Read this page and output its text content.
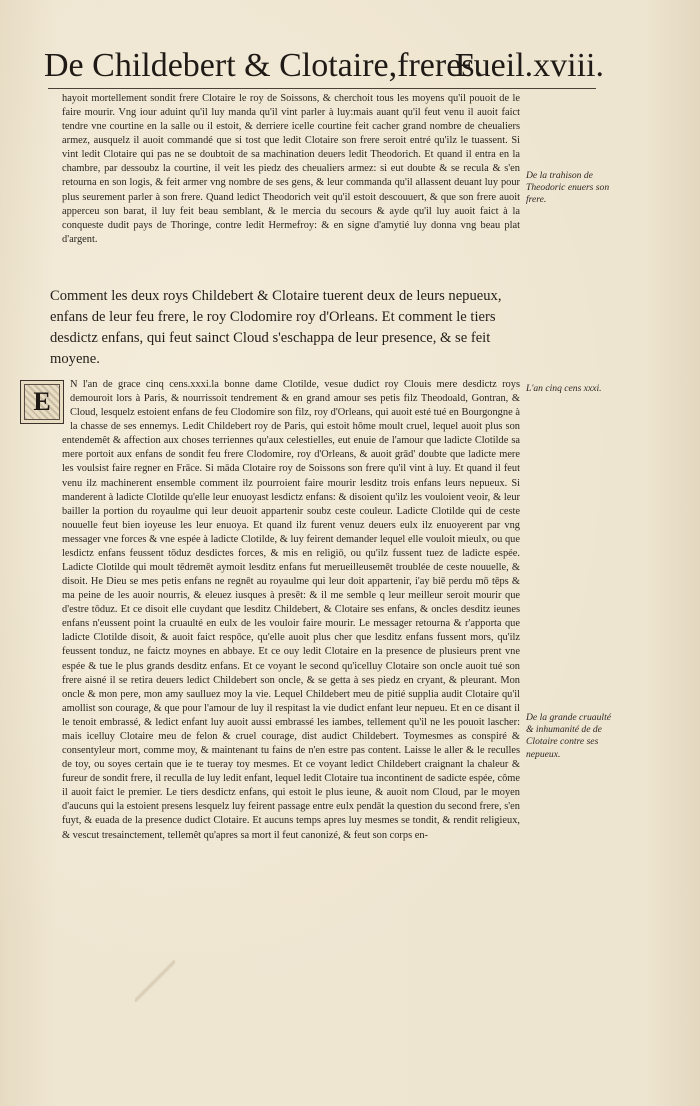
De Childebert & Clotaire,freres.
Fueil.xviii.
hayoit mortellement sondit frere Clotaire le roy de Soissons, & cherchoit tous les moyens qu'il pouoit de le faire mourir. Vng iour aduint qu'il luy manda qu'il vint parler à luy:mais auant qu'il feut venu il auoit faict tendre vne courtine en la salle ou il estoit, & derriere icelle courtine feit cacher grand nombre de cheualiers armez, ausquelz il auoit commandé que si tost que ledit Clotaire son frere seroit entré qu'ilz le tuassent. Si vint ledit Clotaire qui pas ne se doubtoit de sa machination deuers ledit Theodorich. Et quand il entra en la chambre, par dessoubz la courtine, il veit les piedz des cheualiers armez: si eut doubte & se recula & s'en retourna en son logis, & feit armer vng nombre de ses gens, & leur commanda qu'il allassent deuant luy pour plus seurement parler à son frere. Quand ledict Theodorich veit qu'il estoit descouuert, & que son frere auoit apperceu son barat, il luy feit beau semblant, & le mercia du secours & ayde qu'il luy auoit faict à la conqueste dudit pays de Thoringe, contre ledit Hermefroy: & en signe d'amytié luy donna vng beau plat d'argent.
Comment les deux roys Childebert & Clotaire tuerent deux de leurs nepueux, enfans de leur feu frere, le roy Clodomire roy d'Orleans. Et comment le tiers desdictz enfans, qui feut sainct Cloud s'eschappa de leur presence, & se feit moyene.
E
N l'an de grace cinq cens.xxxi.la bonne dame Clotilde, vesue dudict roy Clouis mere desdictz roys demouroit lors à Paris, & nourrissoit tendrement & en grand amour ses petis filz Theodoald, Gontran, & Cloud, lesquelz estoient enfans de feu Clodomire son filz, roy d'Orleans, qui auoit esté tué en Bourgongne à la chasse de ses ennemys. Ledit Childebert roy de Paris, qui estoit hôme moult cruel, lequel auoit plus son entendemêt & affection aux choses terriennes qu'aux celestielles, eut enuie de l'amour que ladicte Clotilde sa mere portoit aux enfans de sondit feu frere Clodomire, roy d'Orleans, & auoit grād' doubte que ladicte mere les voulsist faire regner en Frāce. Si māda Clotaire roy de Soissons son frere qu'il vint à luy. Et quand il feut venu ilz machinerent ensemble comment ilz pourroient faire mourir lesditz trois enfans leurs nepueux. Si manderent à ladicte Clotilde qu'elle leur enuoyast lesdictz enfans: & disoient qu'ilz les vouloient veoir, & leur bailler la portion du royaulme qui leur deuoit appartenir soubz ceste couleur. Ladicte Clotilde qui de ceste nouuelle feut bien ioyeuse les leur enuoya. Et quand ilz furent venuz deuers eulx ilz enuoyerent par vng messager vne forces & vne espée à ladicte Clotilde, & luy feirent demander lequel elle vouloit mieulx, ou que lesdictz enfans feussent tōduz desdictes forces, & mis en religiō, ou qu'ilz fussent tuez de ladicte espée. Ladicte Clotilde qui moult tēdremēt aymoit lesditz enfans fut merueilleusemēt troublée de ceste nouuelle, & disoit. He Dieu se mes petis enfans ne regnēt au royaulme qui leur doit appartenir, i'ay biē perdu mō tēps & ma peine de les auoir nourris, & eleuez iusques à presēt: & il me semble q leur meilleur seroit mourir que d'estre tōduz. Et ce disoit elle cuydant que lesditz Childebert, & Clotaire ses enfans, & oncles desditz ieunes enfans n'eussent point la cruaulté en eulx de les vouloir faire mourir. Le messager retourna & r'apporta que ladicte Clotilde disoit, & auoit faict respōce, qu'elle auoit plus cher que lesditz enfans fussent mors, qu'ilz feussent tonduz, ne faictz moynes en abbaye. Et ce ouy ledit Clotaire en la presence de plusieurs prent vne espée & tue le plus grands desditz enfans. Et ce voyant le second qu'icelluy Clotaire son oncle auoit tué son frere aisné il se retira deuers ledict Childebert son oncle, & se getta à ses piedz en cryant, & pleurant. Mon oncle & mon pere, mon amy saulluez moy la vie. Lequel Childebert meu de pitié supplia audit Clotaire qu'il amollist son courage, & que pour l'amour de luy il respitast la vie dudict enfant leur nepueu. Et en ce disant il le tenoit embrassé, & ledict enfant luy auoit aussi embrassé les iambes, tellement qu'il ne les pouoit lascher: mais icelluy Clotaire meu de felon & cruel courage, dist audict Childebert. Toymesmes as conspiré & consentyleur mort, comme moy, & maintenant tu fains de n'en estre pas content. Laisse le aller & le reculles de toy, ou soyes certain que ie te tueray toy mesmes. Et ce voyant ledict Childebert craignant la chaleur & fureur de sondit frere, il reculla de luy ledit enfant, lequel ledit Clotaire tua incontinent de sadicte espée, côme il auoit faict le premier. Le tiers desdictz enfans, qui estoit le plus ieune, & auoit nom Cloud, par le moyen d'aucuns qui la estoient presens lesquelz luy feirent passage entre eulx pendāt la question du second frere, s'en fuyt, & euada de la presence dudict Clotaire. Et aucuns temps apres luy mesmes se tondit, & rendit religieux, & vescut tresainctement, tellemêt qu'apres sa mort il feut canonizé, & feut son corps en-
De la trahison de Theodoric enuers son frere.
L'an cinq cens xxxi.
De la grande cruaulté & inhumanité de de Clotaire contre ses nepueux.
